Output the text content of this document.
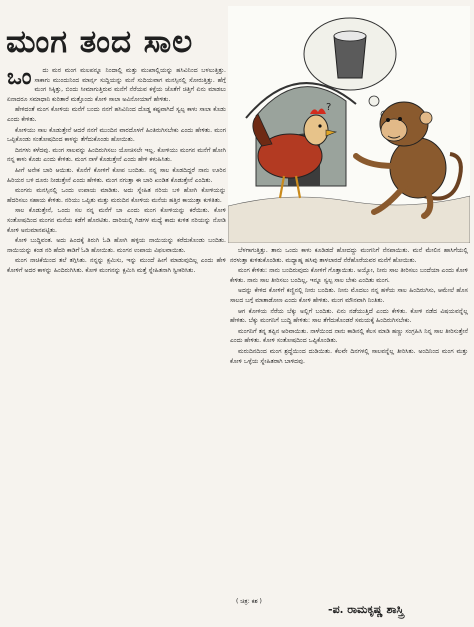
ಮಂಗ ತಂದ ಸಾಲ
ಒಂ	ದು ಮರ ಮಂಗ ಮಲಪನ್ನೂ ನಿಂದಾಲ್ಲಿ ಮತ್ತು ಮುಖಾಲ್ಲಿಯನ್ನು ಹಸಿವಿನಿಂದ ಬಳಲುತ್ತಿತ್ತು. ಸಾಕಾಗು ಮುಂದುನಿಂದ ಮಾರ್ನ್ಸ ಸುದ್ದಿಯನ್ನು ಮನೆ ಸುದಿಯವಾಗ ಮನಸ್ಸಿನಲ್ಲಿ ಸೋರುತ್ತಿತ್ತು. ಹೆಗ್ಗೆ ಮಂಗ ಸಿಕ್ಕಿತ್ತು, ಬಿಂದು ಸೀಮಾಗುತ್ತಿರುವ ಮನೆಗೆ ನೆರೆಯವ ಕಳ್ಳೆಯ ಜೊತೆಗೆ ಚಿತ್ತಿಗೆ ಏನು ಮಾಡಲು ಏನಾದರೂ ಸಮಾಧಾನಿ ಕುರಿತಾರೆ ಮತ್ತೊಂದು ಕೋಳಿ ಸಾಲಾ ಅವಿನೋಯಾಗೆ ಹೇಳಿತು.

ಹೇಳಿದಂತೆ ಮಂಗ ಕೋಳಿಯ ಮನೆಗೆ ಬಂದು ನನಗೆ ಹಸಿವಿನಿಂದ ದೊಡ್ಡ ಕಷ್ಟವಾಗಿದೆ ಸ್ವಲ್ಪ ಕಾಳು ಸಾಲಾ ಕೊಡು ಎಂದು ಕೇಳಿತು.

ಕೋಳಿಯು ಸಾಲ ಕೊಡುತ್ತೇನೆ ಆದರೆ ನನಗೆ ಮುಂದಿನ ವಾರದೊಳಗೆ ಹಿಂತಿರುಗಿಸಬೇಕು ಎಂದು ಹೇಳಿತು. ಮಂಗ ಒಪ್ಪಿಕೊಂಡು ಸಂತೋಷದಿಂದ ಕಾಳನ್ನು ತೆಗೆದುಕೊಂಡು ಹೋಯಿತು.

ದಿನಗಳು ಕಳೆದವು. ಮಂಗ ಸಾಲವನ್ನು ಹಿಂದಿರುಗಿಸಲು ಯೋಚಿಸಲೇ ಇಲ್ಲ. ಕೋಳಿಯು ಮಂಗನ ಮನೆಗೆ ಹೋಗಿ ನನ್ನ ಕಾಳು ಕೊಡು ಎಂದು ಕೇಳಿತು. ಮಂಗ ನಾಳೆ ಕೊಡುತ್ತೇನೆ ಎಂದು ಹೇಳಿ ಕಳುಹಿಸಿತು.

ಹೀಗೆ ಅನೇಕ ಬಾರಿ ಆಯಿತು. ಕೊನೆಗೆ ಕೋಳಿಗೆ ಕೋಪ ಬಂದಿತು. ನನ್ನ ಸಾಲ ಕೊಡದಿದ್ದರೆ ನಾನು ಊರಿನ ಹಿರಿಯರ ಬಳಿ ದೂರು ನೀಡುತ್ತೇನೆ ಎಂದು ಹೇಳಿತು. ಮಂಗ ನಗುತ್ತಾ ಈ ಬಾರಿ ಖಂಡಿತ ಕೊಡುತ್ತೇನೆ ಎಂದಿತು.

ಮಂಗನು ಮನಸ್ಸಿನಲ್ಲಿ ಒಂದು ಉಪಾಯ ಮಾಡಿತು. ಅದು ಸ್ನೇಹಿತ ನರಿಯ ಬಳಿ ಹೋಗಿ ಕೋಳಿಯನ್ನು ಹೆದರಿಸಲು ಸಹಾಯ ಕೇಳಿತು. ನರಿಯು ಒಪ್ಪಿತು ಮತ್ತು ಮರುದಿನ ಕೋಳಿಯ ಮನೆಯ ಹತ್ತಿರ ಕಾಯುತ್ತಾ ಕುಳಿತಿತು.

ಸಾಲ ಕೊಡುತ್ತೇನೆ, ಒಂದು ಸಲ ನನ್ನ ಮನೆಗೆ ಬಾ ಎಂದು ಮಂಗ ಕೋಳಿಯನ್ನು ಕರೆಯಿತು. ಕೋಳಿ ಸಂತೋಷದಿಂದ ಮಂಗನ ಮನೆಯ ಕಡೆಗೆ ಹೊರಟಿತು. ದಾರಿಯಲ್ಲಿ ಗಿಡಗಳ ಮಧ್ಯೆ ಕಾದು ಕುಳಿತ ನರಿಯನ್ನು ನೋಡಿ ಕೋಳಿ ಅನುಮಾನಪಟ್ಟಿತು.

ಕೋಳಿ ಬುದ್ಧಿವಂತ. ಅದು ಹಿಂದಕ್ಕೆ ತಿರುಗಿ ಓಡಿ ಹೋಗಿ ಹಳ್ಳಿಯ ನಾಯಿಯನ್ನು ಕರೆದುಕೊಂಡು ಬಂದಿತು. ನಾಯಿಯನ್ನು ಕಂಡ ನರಿ ಹೆದರಿ ಕಾಡಿಗೆ ಓಡಿ ಹೋಯಿತು. ಮಂಗನ ಉಪಾಯ ವಿಫಲವಾಯಿತು.

ಮಂಗ ನಾಚಿಕೆಯಿಂದ ತಲೆ ತಗ್ಗಿಸಿತು. ನನ್ನನ್ನು ಕ್ಷಮಿಸು, ಇನ್ನು ಮುಂದೆ ಹೀಗೆ ಮಾಡುವುದಿಲ್ಲ ಎಂದು ಹೇಳಿ ಕೋಳಿಗೆ ಅದರ ಕಾಳನ್ನು ಹಿಂದಿರುಗಿಸಿತು. ಕೋಳಿ ಮಂಗನನ್ನು ಕ್ಷಮಿಸಿ ಮತ್ತೆ ಸ್ನೇಹಿತನಾಗಿ ಸ್ವೀಕರಿಸಿತು.

?

ಬೆಳಗಾಗುತ್ತಿತ್ತು. ತಾನು ಒಂದು ಕಾಳು ಕೂಡಿಡದೆ ಹೋದದ್ದು ಮಂಗನಿಗೆ ನೆನಪಾಯಿತು. ಮನೆ ಮೇಲಿನ ಹಾಸಿಗೆಯಲ್ಲಿ ನರಳುತ್ತಾ ಕುಳಿತುಕೊಂಡಿತು. ಮಧ್ಯಾಹ್ನ ಹಸಿವು ತಾಳಲಾರದೆ ನೆರೆಹೊರೆಯವರ ಮನೆಗೆ ಹೋಯಿತು.

ಮಂಗ ಕೇಳಿತು: ನಾನು ಬಂದಿರುವುದು ಕೋಳಿಗೆ ಗೊತ್ತಾಯಿತು. ಅಯ್ಯೋ, ನೀನು ಸಾಲ ತೀರಿಸಲು ಬಂದೆಯಾ ಎಂದು ಕೋಳಿ ಕೇಳಿತು. ನಾನು ಸಾಲ ತೀರಿಸಲು ಬಂದಿಲ್ಲ, ಇನ್ನೂ ಸ್ವಲ್ಪ ಸಾಲ ಬೇಕು ಎಂದಿತು ಮಂಗ.

ಅದನ್ನು ಕೇಳಿದ ಕೋಳಿಗೆ ಕಣ್ಣಿನಲ್ಲಿ ನೀರು ಬಂದಿತು. ನೀನು ಮೊದಲು ನನ್ನ ಹಳೆಯ ಸಾಲ ಹಿಂದಿರುಗಿಸು, ಆಮೇಲೆ ಹೊಸ ಸಾಲದ ಬಗ್ಗೆ ಮಾತಾಡೋಣ ಎಂದು ಕೋಳಿ ಹೇಳಿತು. ಮಂಗ ಮೌನವಾಗಿ ನಿಂತಿತು.

ಆಗ ಕೋಳಿಯ ನೆರೆಯ ಬೆಕ್ಕು ಅಲ್ಲಿಗೆ ಬಂದಿತು. ಏನು ನಡೆಯುತ್ತಿದೆ ಎಂದು ಕೇಳಿತು. ಕೋಳಿ ನಡೆದ ವಿಷಯವನ್ನೆಲ್ಲ ಹೇಳಿತು. ಬೆಕ್ಕು ಮಂಗನಿಗೆ ಬುದ್ಧಿ ಹೇಳಿತು: ಸಾಲ ತೆಗೆದುಕೊಂಡರೆ ಸಮಯಕ್ಕೆ ಹಿಂದಿರುಗಿಸಬೇಕು.

ಮಂಗನಿಗೆ ತನ್ನ ತಪ್ಪಿನ ಅರಿವಾಯಿತು. ನಾಳೆಯಿಂದ ನಾನು ಕಾಡಿನಲ್ಲಿ ಕೆಲಸ ಮಾಡಿ ಹಣ್ಣು ಸಂಗ್ರಹಿಸಿ ನಿನ್ನ ಸಾಲ ತೀರಿಸುತ್ತೇನೆ ಎಂದು ಹೇಳಿತು. ಕೋಳಿ ಸಂತೋಷದಿಂದ ಒಪ್ಪಿಕೊಂಡಿತು.

ಮರುದಿನದಿಂದ ಮಂಗ ಶ್ರದ್ಧೆಯಿಂದ ದುಡಿಯಿತು. ಕೆಲವೇ ದಿನಗಳಲ್ಲಿ ಸಾಲವನ್ನೆಲ್ಲ ತೀರಿಸಿತು. ಅಂದಿನಿಂದ ಮಂಗ ಮತ್ತು ಕೋಳಿ ಒಳ್ಳೆಯ ಸ್ನೇಹಿತರಾಗಿ ಬಾಳಿದವು.

( ಚಿತ್ರ: ಕಶ )
-ಪ. ರಾಮಕೃಷ್ಣ ಶಾಸ್ತ್ರಿ
